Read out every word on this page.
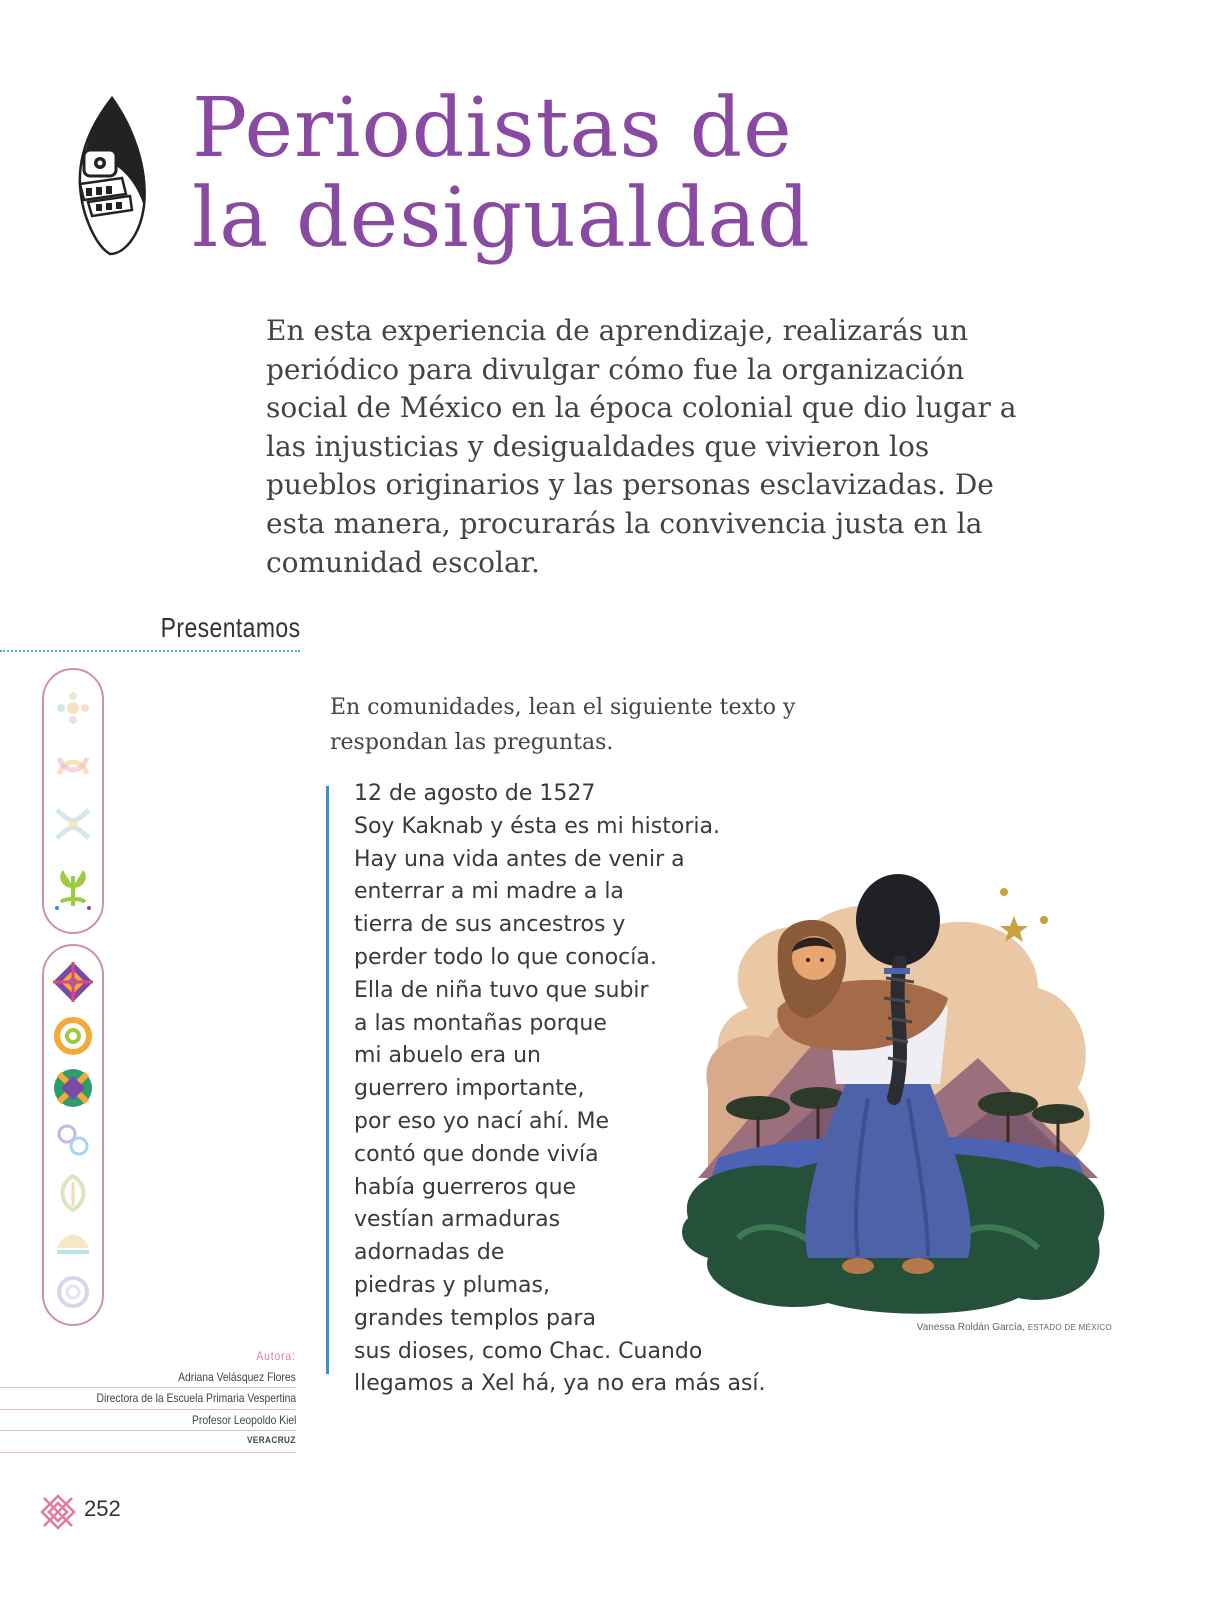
Periodistas de
la desigualdad

En esta experiencia de aprendizaje, realizarás un periódico para divulgar cómo fue la organización social de México en la época colonial que dio lugar a las injusticias y desigualdades que vivieron los pueblos originarios y las personas esclavizadas. De esta manera, procurarás la convivencia justa en la comunidad escolar.

Presentamos

En comunidades, lean el siguiente texto y respondan las preguntas.

12 de agosto de 1527
Soy Kaknab y ésta es mi historia.
Hay una vida antes de venir a
enterrar a mi madre a la
tierra de sus ancestros y
perder todo lo que conocía.
Ella de niña tuvo que subir
a las montañas porque
mi abuelo era un
guerrero importante,
por eso yo nací ahí. Me
contó que donde vivía
había guerreros que
vestían armaduras
adornadas de
piedras y plumas,
grandes templos para
sus dioses, como Chac. Cuando
llegamos a Xel há, ya no era más así.
Vanessa Roldán García, ESTADO DE MÉXICO
Autora:
Adriana Velásquez Flores
Directora de la Escuela Primaria Vespertina
Profesor Leopoldo Kiel
VERACRUZ
252
